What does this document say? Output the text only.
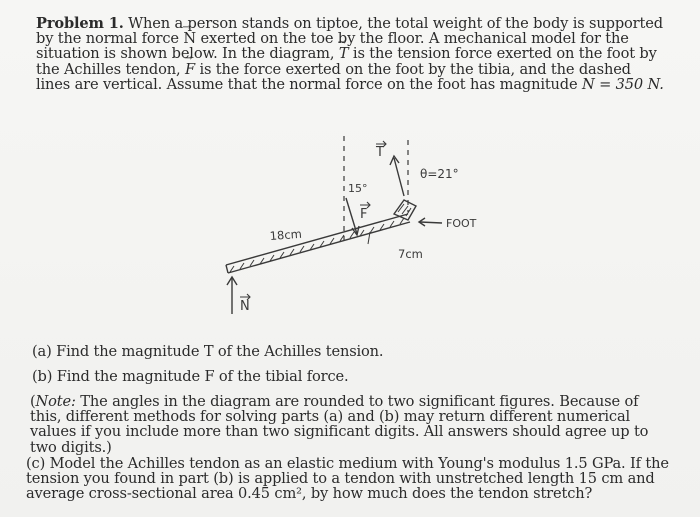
Problem 1. When a person stands on tiptoe, the total weight of the body is supported by the normal force → N exerted on the toe by the floor. A mechanical model for the situation is shown below. In the diagram, → T is the tension force exerted on the foot by the Achilles tendon, → F is the force exerted on the foot by the tibia, and the dashed lines are vertical. Assume that the normal force on the foot has magnitude N = 350 N.

18cm
7cm
15°
θ=21°
FOOT
T
F
N

(a) Find the magnitude T of the Achilles tension.

(b) Find the magnitude F of the tibial force.

(Note: The angles in the diagram are rounded to two significant figures. Because of this, different methods for solving parts (a) and (b) may return different numerical values if you include more than two significant digits. All answers should agree up to two digits.)

(c) Model the Achilles tendon as an elastic medium with Young's modulus 1.5 GPa. If the tension you found in part (b) is applied to a tendon with unstretched length 15 cm and average cross-sectional area 0.45 cm², by how much does the tendon stretch?
